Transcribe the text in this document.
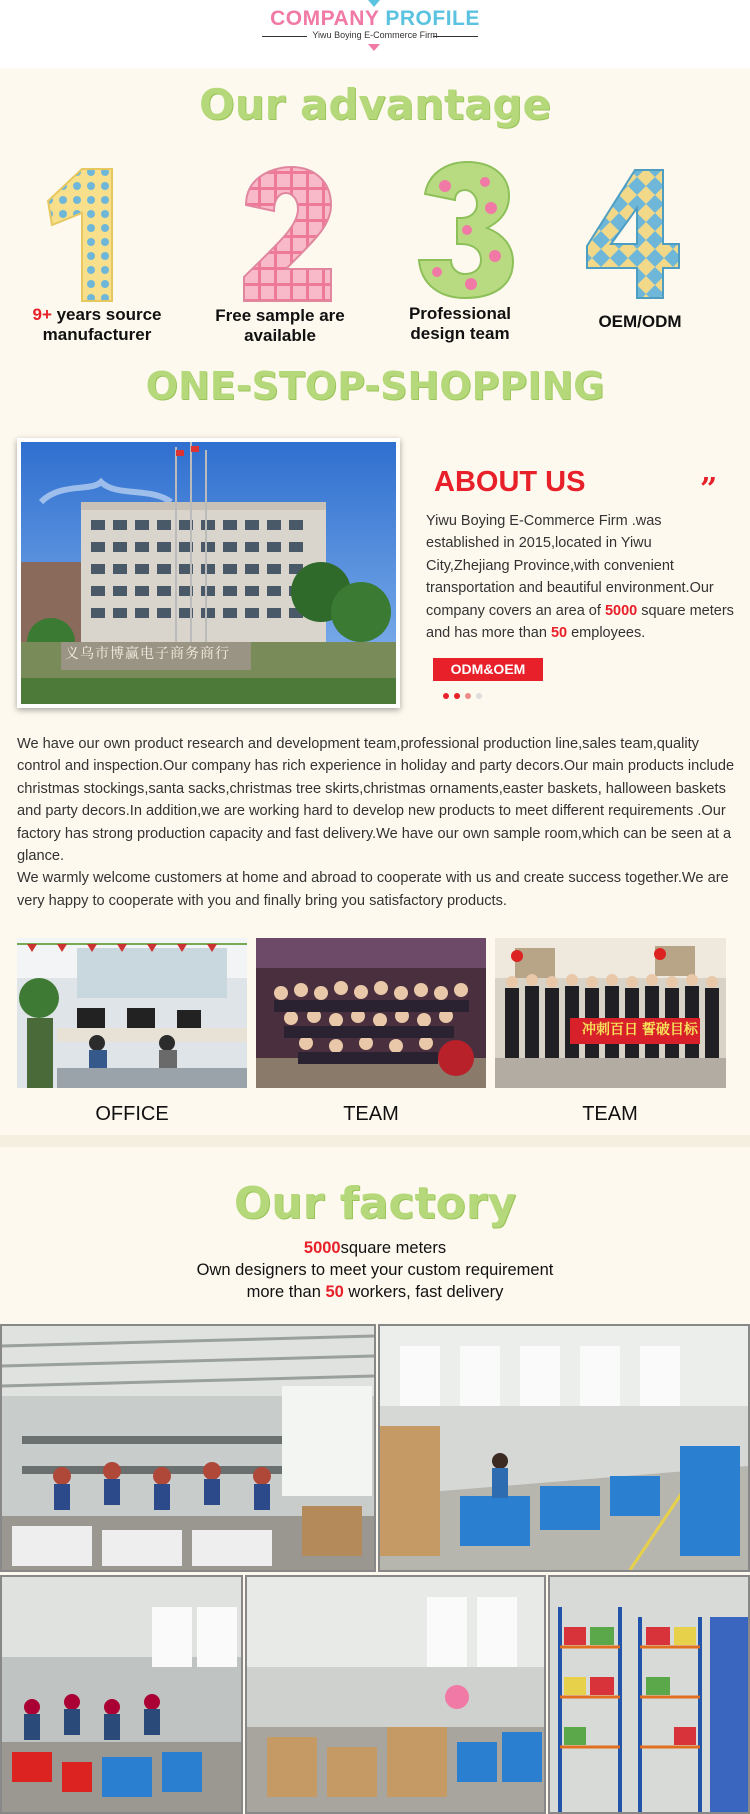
COMPANY PROFILE
Yiwu Boying E-Commerce Firm
Our advantage
9+ years source
manufacturer
Free sample are
available
Professional
design team
OEM/ODM
ONE-STOP-SHOPPING
义乌市博赢电子商务商行
ABOUT US	”
Yiwu Boying E-Commerce Firm .was established in 2015,located in Yiwu City,Zhejiang Province,with convenient transportation and beautiful environment.Our company covers an area of 5000 square meters and has more than 50 employees.
ODM&OEM
We have our own product research and development team,professional production line,sales team,quality control and inspection.Our company has rich experience in holiday and party decors.Our main products include christmas stockings,santa sacks,christmas tree skirts,christmas ornaments,easter baskets, halloween baskets and party decors.In addition,we are working hard to develop new products to meet different requirements .Our factory has strong production capacity and fast delivery.We have our own sample room,which can be seen at a glance.
We warmly welcome customers at home and abroad to cooperate with us and create success together.We are very happy to cooperate with you and finally bring you satisfactory products.
冲刺百日 誓破目标
OFFICE	TEAM	TEAM
Our factory
5000square meters
Own designers to meet your custom requirement
more than 50 workers, fast delivery
